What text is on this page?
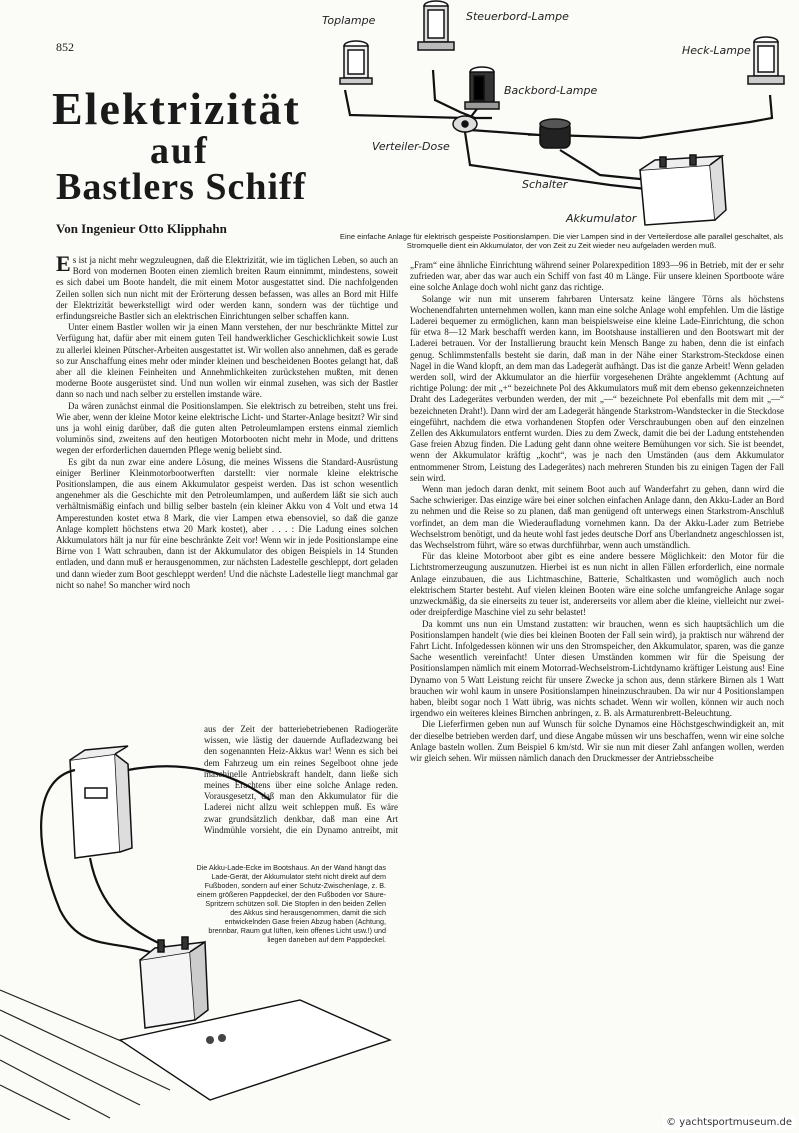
852
Elektrizität
auf
Bastlers Schiff
Von Ingenieur Otto Klipphahn
Toplampe	Steuerbord-Lampe
Heck-Lampe
Backbord-Lampe
Verteiler-Dose
Schalter
Akkumulator
Eine einfache Anlage für elektrisch gespeiste Positionslampen. Die vier Lampen sind in der Verteilerdose alle parallel geschaltet, als Stromquelle dient ein Akkumulator, der von Zeit zu Zeit wieder neu aufgeladen werden muß.

Es ist ja nicht mehr wegzuleugnen, daß die Elektrizität, wie im täglichen Leben, so auch an Bord von modernen Booten einen ziemlich breiten Raum einnimmt, mindestens, soweit es sich dabei um Boote handelt, die mit einem Motor ausgestattet sind. Die nachfolgenden Zeilen sollen sich nun nicht mit der Erörterung dessen befassen, was alles an Bord mit Hilfe der Elektrizität bewerkstelligt wird oder werden kann, sondern was der tüchtige und erfindungsreiche Bastler sich an elektrischen Einrichtungen selber schaffen kann.

Unter einem Bastler wollen wir ja einen Mann verstehen, der nur beschränkte Mittel zur Verfügung hat, dafür aber mit einem guten Teil handwerklicher Geschicklichkeit sowie Lust zu allerlei kleinen Pütscher-Arbeiten ausgestattet ist. Wir wollen also annehmen, daß es gerade so zur Anschaffung eines mehr oder minder kleinen und bescheidenen Bootes gelangt hat, daß aber all die kleinen Feinheiten und Annehmlichkeiten zurückstehen mußten, mit denen moderne Boote ausgerüstet sind. Und nun wollen wir einmal zusehen, was sich der Bastler dann so nach und nach selber zu erstellen imstande wäre.

Da wären zunächst einmal die Positionslampen. Sie elektrisch zu betreiben, steht uns frei. Wie aber, wenn der kleine Motor keine elektrische Licht- und Starter-Anlage besitzt? Wir sind uns ja wohl einig darüber, daß die guten alten Petroleumlampen erstens einmal ziemlich voluminös sind, zweitens auf den heutigen Motorbooten nicht mehr in Mode, und drittens wegen der erforderlichen dauernden Pflege wenig beliebt sind.

Es gibt da nun zwar eine andere Lösung, die meines Wissens die Standard-Ausrüstung einiger Berliner Kleinmotorbootwerften darstellt: vier normale kleine elektrische Positionslampen, die aus einem Akkumulator gespeist werden. Das ist schon wesentlich angenehmer als die Geschichte mit den Petroleumlampen, und außerdem läßt sie sich auch verhältnismäßig einfach und billig selber basteln (ein kleiner Akku von 4 Volt und etwa 14 Amperestunden kostet etwa 8 Mark, die vier Lampen etwa ebensoviel, so daß die ganze Anlage komplett höchstens etwa 20 Mark kostet), aber . . . : Die Ladung eines solchen Akkumulators hält ja nur für eine beschränkte Zeit vor! Wenn wir in jede Positionslampe eine Birne von 1 Watt schrauben, dann ist der Akkumulator des obigen Beispiels in 14 Stunden entladen, und dann muß er herausgenommen, zur nächsten Ladestelle geschleppt, dort geladen und dann wieder zum Boot geschleppt werden! Und die nächste Ladestelle liegt manchmal gar nicht so nahe! So mancher wird noch

aus der Zeit der batteriebetriebenen Radiogeräte wissen, wie lästig der dauernde Aufladezwang bei den sogenannten Heiz-Akkus war! Wenn es sich bei dem Fahrzeug um ein reines Segelboot ohne jede maschinelle Antriebskraft handelt, dann ließe sich meines Erachtens über eine solche Anlage reden. Vorausgesetzt, daß man den Akkumulator für die Laderei nicht allzu weit schleppen muß. Es wäre zwar grundsätzlich denkbar, daß man eine Art Windmühle vorsieht, die ein Dynamo antreibt, mit

Die Akku-Lade-Ecke im Bootshaus. An der Wand hängt das Lade-Gerät, der Akkumulator steht nicht direkt auf dem Fußboden, sondern auf einer Schutz-Zwischenlage, z. B. einem größeren Pappdeckel, der den Fußboden vor Säure-Spritzern schützen soll. Die Stopfen in den beiden Zellen des Akkus sind herausgenommen, damit die sich entwickelnden Gase freien Abzug haben (Achtung, brennbar, Raum gut lüften, kein offenes Licht usw.!) und liegen daneben auf dem Pappdeckel.

„Fram“ eine ähnliche Einrichtung während seiner Polarexpedition 1893—96 in Betrieb, mit der er sehr zufrieden war, aber das war auch ein Schiff von fast 40 m Länge. Für unsere kleinen Sportboote wäre eine solche Anlage doch wohl nicht ganz das richtige.

Solange wir nun mit unserem fahrbaren Untersatz keine längere Törns als höchstens Wochenendfahrten unternehmen wollen, kann man eine solche Anlage wohl empfehlen. Um die lästige Laderei bequemer zu ermöglichen, kann man beispielsweise eine kleine Lade-Einrichtung, die schon für etwa 8—12 Mark beschafft werden kann, im Bootshause installieren und den Bootswart mit der Laderei betrauen. Vor der Installierung braucht kein Mensch Bange zu haben, denn die ist einfach genug. Schlimmstenfalls besteht sie darin, daß man in der Nähe einer Starkstrom-Steckdose einen Nagel in die Wand klopft, an dem man das Ladegerät aufhängt. Das ist die ganze Arbeit! Wenn geladen werden soll, wird der Akkumulator an die hierfür vorgesehenen Drähte angeklemmt (Achtung auf richtige Polung: der mit „+“ bezeichnete Pol des Akkumulators muß mit dem ebenso gekennzeichneten Draht des Ladegerätes verbunden werden, der mit „—“ bezeichnete Pol ebenfalls mit dem mit „—“ bezeichneten Draht!). Dann wird der am Ladegerät hängende Starkstrom-Wandstecker in die Steckdose eingeführt, nachdem die etwa vorhandenen Stopfen oder Verschraubungen oben auf den einzelnen Zellen des Akkumulators entfernt wurden. Dies zu dem Zweck, damit die bei der Ladung entstehenden Gase freien Abzug finden. Die Ladung geht dann ohne weitere Bemühungen vor sich. Sie ist beendet, wenn der Akkumulator kräftig „kocht“, was je nach den Umständen (aus dem Akkumulator entnommener Strom, Leistung des Ladegerätes) nach mehreren Stunden bis zu einigen Tagen der Fall sein wird.

Wenn man jedoch daran denkt, mit seinem Boot auch auf Wanderfahrt zu gehen, dann wird die Sache schwieriger. Das einzige wäre bei einer solchen einfachen Anlage dann, den Akku-Lader an Bord zu nehmen und die Reise so zu planen, daß man genügend oft unterwegs einen Starkstrom-Anschluß vorfindet, an dem man die Wiederaufladung vornehmen kann. Da der Akku-Lader zum Betriebe Wechselstrom benötigt, und da heute wohl fast jedes deutsche Dorf ans Überlandnetz angeschlossen ist, das Wechselstrom führt, wäre so etwas durchführbar, wenn auch umständlich.

Für das kleine Motorboot aber gibt es eine andere bessere Möglichkeit: den Motor für die Lichtstromerzeugung auszunutzen. Hierbei ist es nun nicht in allen Fällen erforderlich, eine normale Anlage einzubauen, die aus Lichtmaschine, Batterie, Schaltkasten und womöglich auch noch elektrischem Starter besteht. Auf vielen kleinen Booten wäre eine solche umfangreiche Anlage sogar unzweckmäßig, da sie einerseits zu teuer ist, andererseits vor allem aber die kleine, vielleicht nur zwei- oder dreipferdige Maschine viel zu sehr belastet!

Da kommt uns nun ein Umstand zustatten: wir brauchen, wenn es sich hauptsächlich um die Positionslampen handelt (wie dies bei kleinen Booten der Fall sein wird), ja praktisch nur während der Fahrt Licht. Infolgedessen können wir uns den Stromspeicher, den Akkumulator, sparen, was die ganze Sache wesentlich vereinfacht! Unter diesen Umständen kommen wir für die Speisung der Positionslampen nämlich mit einem Motorrad-Wechselstrom-Lichtdynamo kräftiger Leistung aus! Eine Dynamo von 5 Watt Leistung reicht für unsere Zwecke ja schon aus, denn stärkere Birnen als 1 Watt brauchen wir wohl kaum in unsere Positionslampen hineinzuschrauben. Da wir nur 4 Positionslampen haben, bleibt sogar noch 1 Watt übrig, was nichts schadet. Wenn wir wollen, können wir auch noch irgendwo ein weiteres kleines Birnchen anbringen, z. B. als Armaturenbrett-Beleuchtung.

Die Lieferfirmen geben nun auf Wunsch für solche Dynamos eine Höchstgeschwindigkeit an, mit der dieselbe betrieben werden darf, und diese Angabe müssen wir uns beschaffen, wenn wir eine solche Anlage basteln wollen. Zum Beispiel 6 km/std. Wir sie nun mit dieser Zahl anfangen wollen, werden wir gleich sehen. Wir müssen nämlich danach den Druckmesser der Antriebsscheibe

© yachtsportmuseum.de
